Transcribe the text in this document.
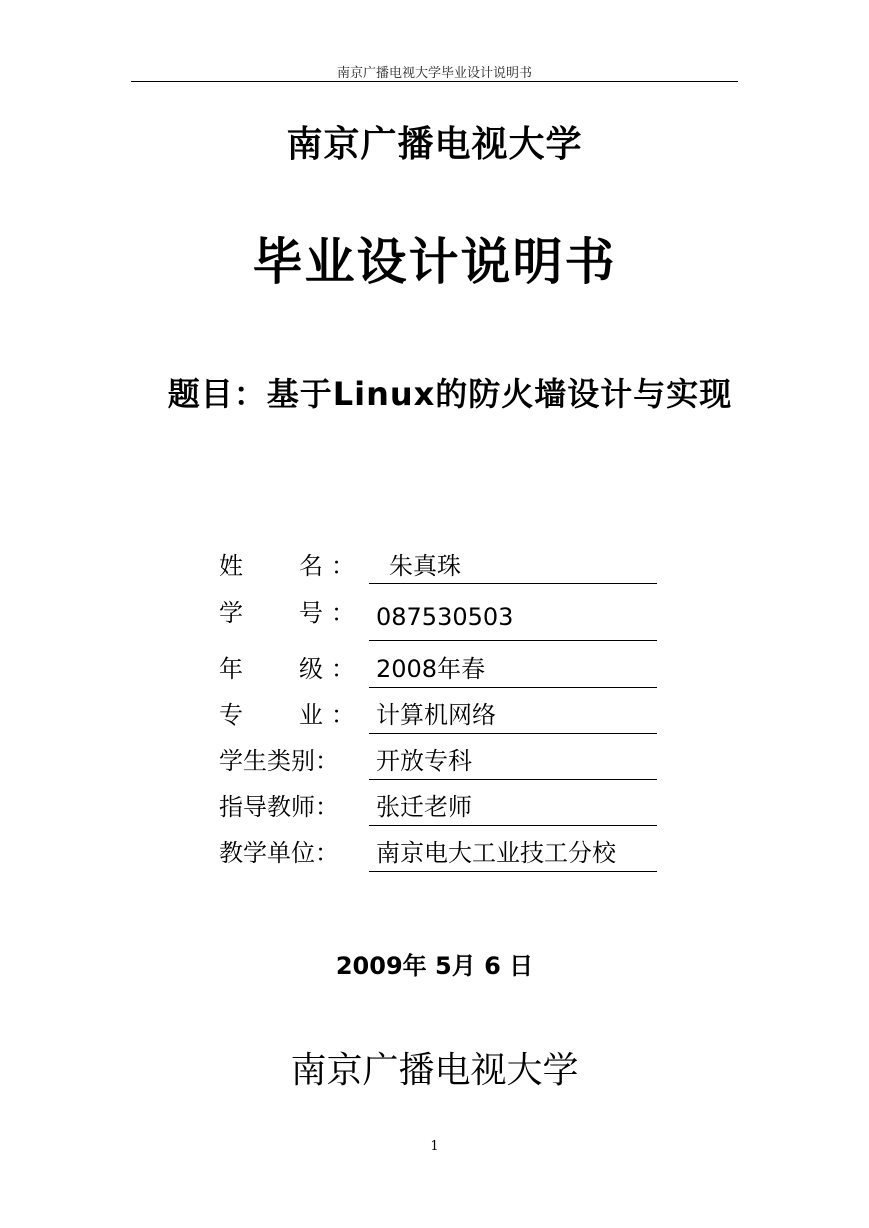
南京广播电视大学毕业设计说明书
南京广播电视大学
毕业设计说明书
题目：基于Linux的防火墙设计与实现
姓 名 ： 朱真珠
学 号 ： 087530503
年 级 ： 2008年春
专 业 ： 计算机网络
学生类别： 开放专科
指导教师： 张迁老师
教学单位： 南京电大工业技工分校
2009年 5月 6 日
南京广播电视大学
1
